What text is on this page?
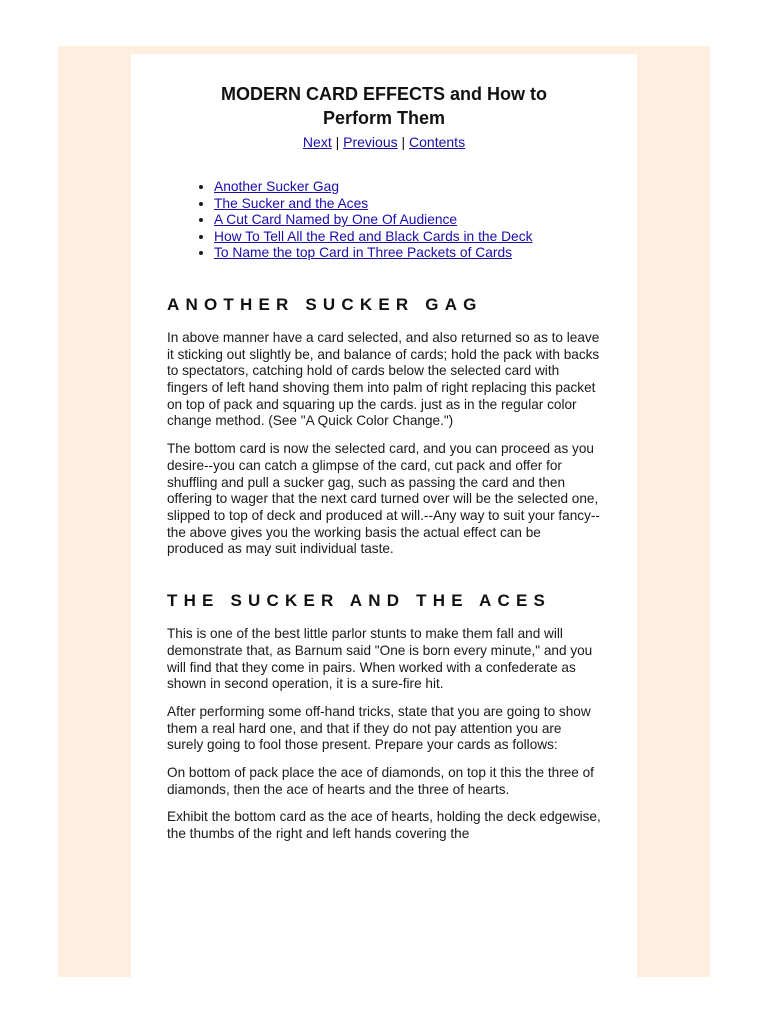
MODERN CARD EFFECTS and How to Perform Them
Next | Previous | Contents
• Another Sucker Gag
• The Sucker and the Aces
• A Cut Card Named by One Of Audience
• How To Tell All the Red and Black Cards in the Deck
• To Name the top Card in Three Packets of Cards
ANOTHER SUCKER GAG

In above manner have a card selected, and also returned so as to leave it sticking out slightly be, and balance of cards; hold the pack with backs to spectators, catching hold of cards below the selected card with fingers of left hand shoving them into palm of right replacing this packet on top of pack and squaring up the cards. just as in the regular color change method. (See "A Quick Color Change.")

The bottom card is now the selected card, and you can proceed as you desire--you can catch a glimpse of the card, cut pack and offer for shuffling and pull a sucker gag, such as passing the card and then offering to wager that the next card turned over will be the selected one, slipped to top of deck and produced at will.--Any way to suit your fancy--the above gives you the working basis the actual effect can be produced as may suit individual taste.

THE SUCKER AND THE ACES

This is one of the best little parlor stunts to make them fall and will demonstrate that, as Barnum said "One is born every minute," and you will find that they come in pairs. When worked with a confederate as shown in second operation, it is a sure-fire hit.

After performing some off-hand tricks, state that you are going to show them a real hard one, and that if they do not pay attention you are surely going to fool those present. Prepare your cards as follows:

On bottom of pack place the ace of diamonds, on top it this the three of diamonds, then the ace of hearts and the three of hearts.

Exhibit the bottom card as the ace of hearts, holding the deck edgewise, the thumbs of the right and left hands covering the
